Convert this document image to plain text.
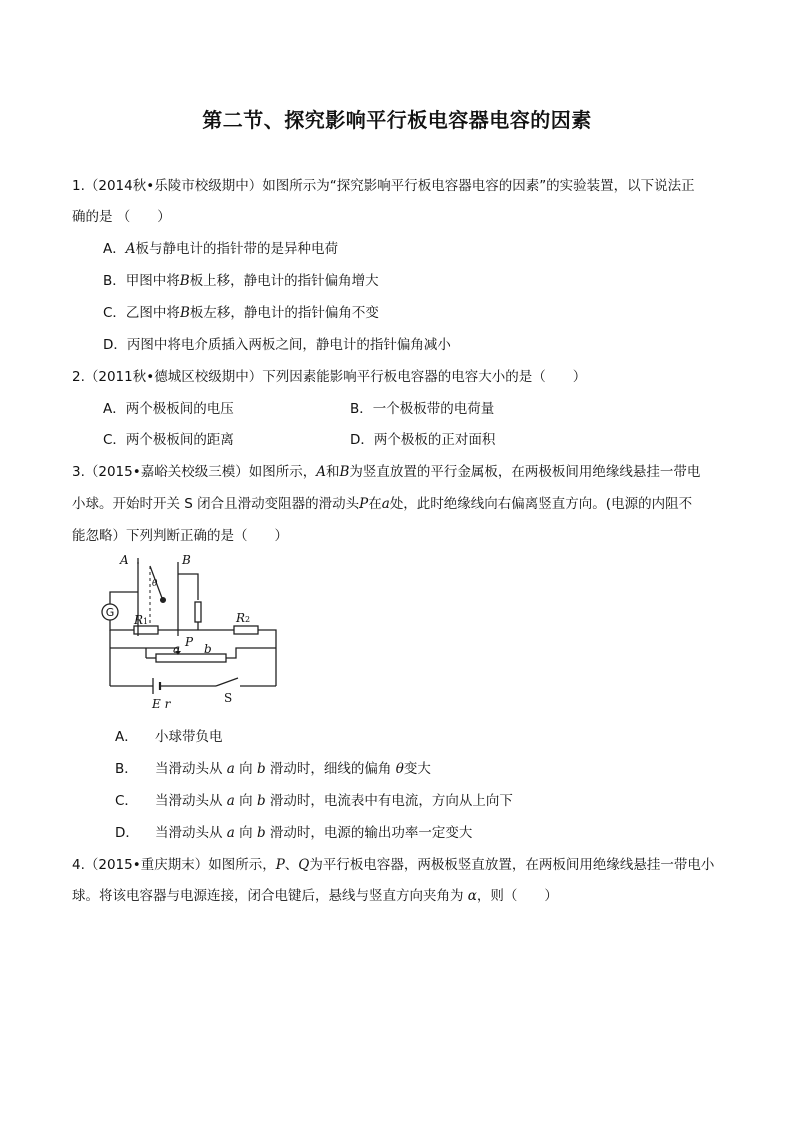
第二节、探究影响平行板电容器电容的因素
1.（2014秋•乐陵市校级期中）如图所示为“探究影响平行板电容器电容的因素”的实验装置，以下说法正
确的是 （　　）
A．A板与静电计的指针带的是异种电荷
B．甲图中将B板上移，静电计的指针偏角增大
C．乙图中将B板左移，静电计的指针偏角不变
D．丙图中将电介质插入两板之间，静电计的指针偏角减小
2.（2011秋•德城区校级期中）下列因素能影响平行板电容器的电容大小的是（　　）
A．两个极板间的电压	B．一个极板带的电荷量
C．两个极板间的距离	D．两个极板的正对面积
3.（2015•嘉峪关校级三模）如图所示，A和B为竖直放置的平行金属板，在两极板间用绝缘线悬挂一带电
小球。开始时开关 S 闭合且滑动变阻器的滑动头P在a处，此时绝缘线向右偏离竖直方向。(电源的内阻不
能忽略）下列判断正确的是（　　）
A	B
θ
R1	R2
a P b
S
E r
G
A． 小球带负电
B． 当滑动头从 a 向 b 滑动时，细线的偏角 θ变大
C． 当滑动头从 a 向 b 滑动时，电流表中有电流，方向从上向下
D． 当滑动头从 a 向 b 滑动时，电源的输出功率一定变大
4.（2015•重庆期末）如图所示，P、Q为平行板电容器，两极板竖直放置，在两板间用绝缘线悬挂一带电小
球。将该电容器与电源连接，闭合电键后，悬线与竖直方向夹角为 α，则（　　）
